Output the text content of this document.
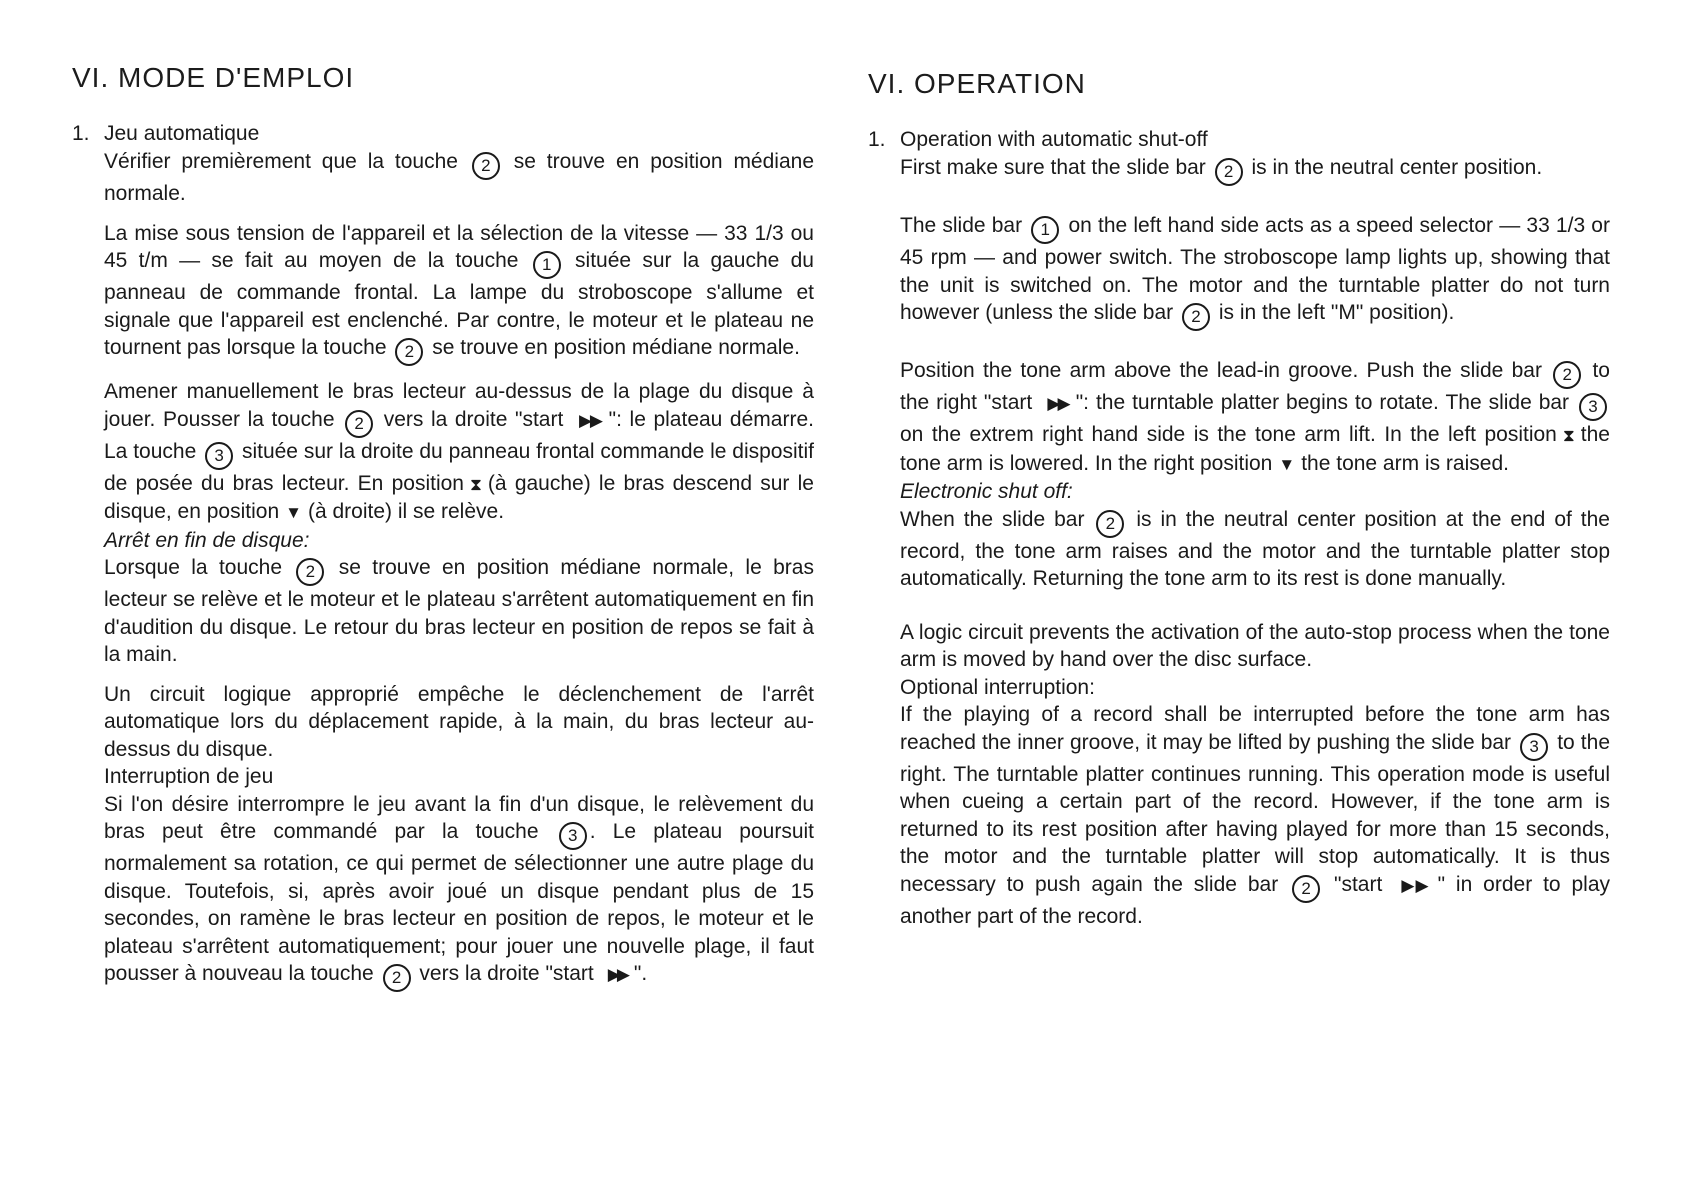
VI. MODE D'EMPLOI
1. Jeu automatique

Vérifier premièrement que la touche 2 se trouve en position médiane normale.

La mise sous tension de l'appareil et la sélection de la vitesse — 33 1/3 ou 45 t/m — se fait au moyen de la touche 1 située sur la gauche du panneau de commande frontal. La lampe du stroboscope s'allume et signale que l'appareil est enclenché. Par contre, le moteur et le plateau ne tournent pas lorsque la touche 2 se trouve en position médiane normale.

Amener manuellement le bras lecteur au-dessus de la plage du disque à jouer. Pousser la touche 2 vers la droite "start ▶▶ ": le plateau démarre. La touche 3 située sur la droite du panneau frontal commande le dispositif de posée du bras lecteur. En position ⧗ (à gauche) le bras descend sur le disque, en position ▼ (à droite) il se relève.

Arrêt en fin de disque:

Lorsque la touche 2 se trouve en position médiane normale, le bras lecteur se relève et le moteur et le plateau s'arrêtent automatiquement en fin d'audition du disque. Le retour du bras lecteur en position de repos se fait à la main.

Un circuit logique approprié empêche le déclenchement de l'arrêt automatique lors du déplacement rapide, à la main, du bras lecteur au-dessus du disque.

Interruption de jeu

Si l'on désire interrompre le jeu avant la fin d'un disque, le relèvement du bras peut être commandé par la touche 3 . Le plateau poursuit normalement sa rotation, ce qui permet de sélectionner une autre plage du disque. Toutefois, si, après avoir joué un disque pendant plus de 15 secondes, on ramène le bras lecteur en position de repos, le moteur et le plateau s'arrêtent automatiquement; pour jouer une nouvelle plage, il faut pousser à nouveau la touche 2 vers la droite "start ▶▶ ".

VI. OPERATION
1. Operation with automatic shut-off

First make sure that the slide bar 2 is in the neutral center position.

The slide bar 1 on the left hand side acts as a speed selector — 33 1/3 or 45 rpm — and power switch. The stroboscope lamp lights up, showing that the unit is switched on. The motor and the turntable platter do not turn however (unless the slide bar 2 is in the left "M" position).

Position the tone arm above the lead-in groove. Push the slide bar 2 to the right "start ▶▶ ": the turntable platter begins to rotate. The slide bar 3 on the extrem right hand side is the tone arm lift. In the left position ⧗ the tone arm is lowered. In the right position ▼ the tone arm is raised.

Electronic shut off:

When the slide bar 2 is in the neutral center position at the end of the record, the tone arm raises and the motor and the turntable platter stop automatically. Returning the tone arm to its rest is done manually.

A logic circuit prevents the activation of the auto-stop process when the tone arm is moved by hand over the disc surface.

Optional interruption:

If the playing of a record shall be interrupted before the tone arm has reached the inner groove, it may be lifted by pushing the slide bar 3 to the right. The turntable platter continues running. This operation mode is useful when cueing a certain part of the record. However, if the tone arm is returned to its rest position after having played for more than 15 seconds, the motor and the turntable platter will stop automatically. It is thus necessary to push again the slide bar 2 "start ▶▶ " in order to play another part of the record.
